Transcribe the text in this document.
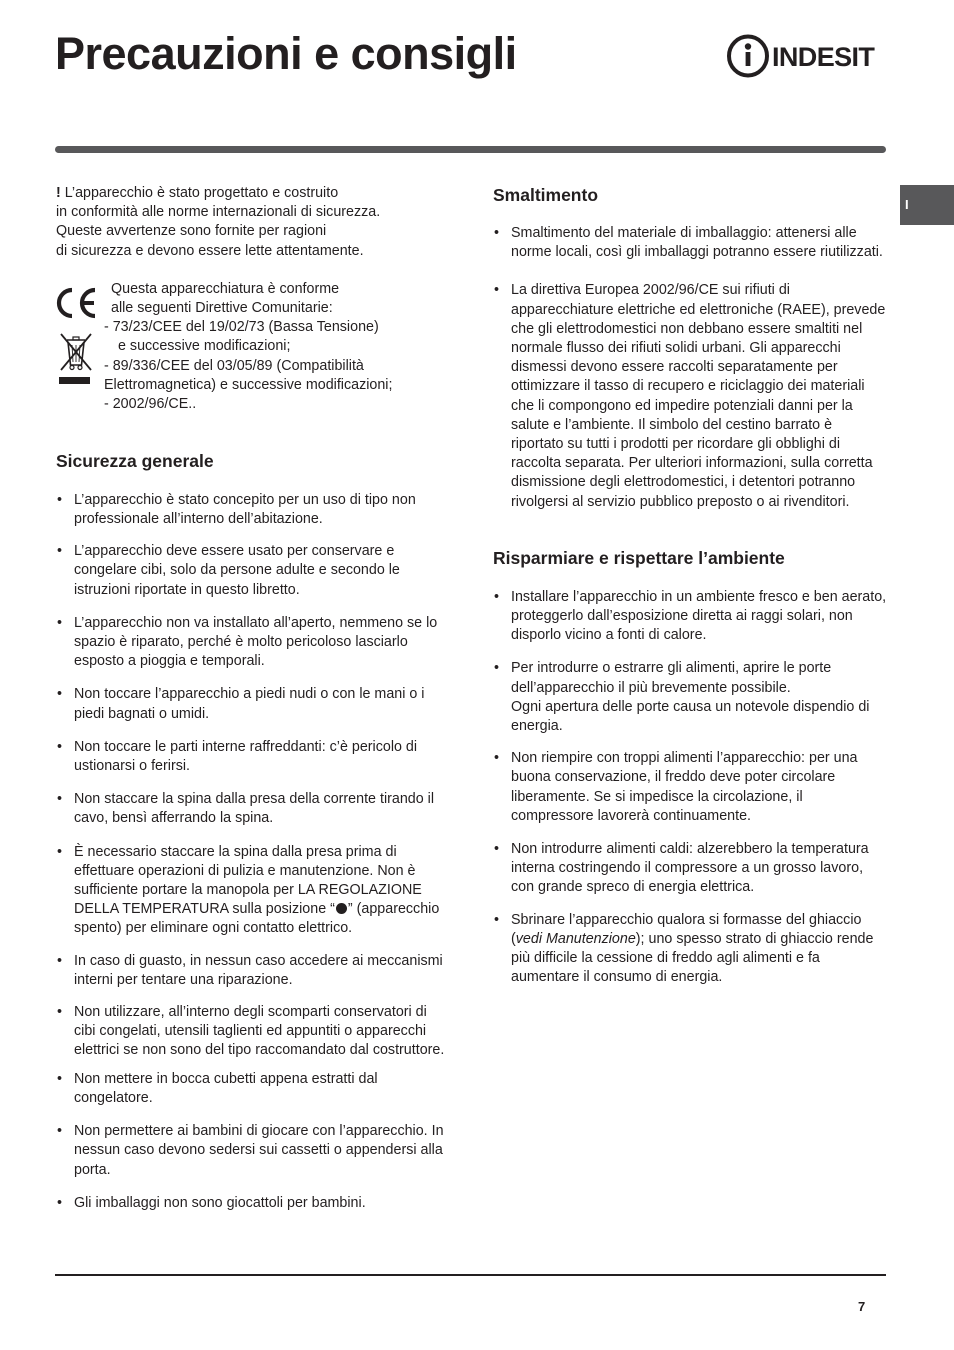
Precauzioni e consigli	INDESIT
I
! L’apparecchio è stato progettato e costruito
in conformità alle norme internazionali di sicurezza.
Queste avvertenze sono fornite per ragioni
di sicurezza e devono essere lette attentamente.
Questa apparecchiatura è conforme
alle seguenti Direttive Comunitarie:
- 73/23/CEE del 19/02/73 (Bassa Tensione)
e successive modificazioni;
- 89/336/CEE del 03/05/89 (Compatibilità
Elettromagnetica) e successive modificazioni;
- 2002/96/CE..
Sicurezza generale
• L’apparecchio è stato concepito per un uso di tipo non professionale all’interno dell’abitazione.
• L’apparecchio deve essere usato per conservare e congelare cibi, solo da persone adulte e secondo le istruzioni riportate in questo libretto.
• L’apparecchio non va installato all’aperto, nemmeno se lo spazio è riparato, perché è molto pericoloso lasciarlo esposto a pioggia e temporali.
• Non toccare l’apparecchio a piedi nudi o con le mani o i piedi bagnati o umidi.
• Non toccare le parti interne raffreddanti: c’è pericolo di ustionarsi o ferirsi.
• Non staccare la spina dalla presa della corrente tirando il cavo, bensì afferrando la spina.
• È necessario staccare la spina dalla presa prima di effettuare operazioni di pulizia e manutenzione. Non è sufficiente portare la manopola per LA REGOLAZIONE DELLA TEMPERATURA sulla posizione “ ” (apparecchio spento) per eliminare ogni contatto elettrico.
• In caso di guasto, in nessun caso accedere ai meccanismi interni per tentare una riparazione.
• Non utilizzare, all’interno degli scomparti conservatori di cibi congelati, utensili taglienti ed appuntiti o apparecchi elettrici se non sono del tipo raccomandato dal costruttore.
• Non mettere in bocca cubetti appena estratti dal congelatore.
• Non permettere ai bambini di giocare con l’apparecchio. In nessun caso devono sedersi sui cassetti o appendersi alla porta.
• Gli imballaggi non sono giocattoli per bambini.
Smaltimento
• Smaltimento del materiale di imballaggio: attenersi alle norme locali, così gli imballaggi potranno essere riutilizzati.
• La direttiva Europea 2002/96/CE sui rifiuti di apparecchiature elettriche ed elettroniche (RAEE), prevede che gli elettrodomestici non debbano essere smaltiti nel normale flusso dei rifiuti solidi urbani. Gli apparecchi dismessi devono essere raccolti separatamente per ottimizzare il tasso di recupero e riciclaggio dei materiali che li compongono ed impedire potenziali danni per la salute e l’ambiente. Il simbolo del cestino barrato è riportato su tutti i prodotti per ricordare gli obblighi di raccolta separata. Per ulteriori informazioni, sulla corretta dismissione degli elettrodomestici, i detentori potranno rivolgersi al servizio pubblico preposto o ai rivenditori.
Risparmiare e rispettare l’ambiente
• Installare l’apparecchio in un ambiente fresco e ben aerato, proteggerlo dall’esposizione diretta ai raggi solari, non disporlo vicino a fonti di calore.
• Per introdurre o estrarre gli alimenti, aprire le porte dell’apparecchio il più brevemente possibile.
Ogni apertura delle porte causa un notevole dispendio di energia.
• Non riempire con troppi alimenti l’apparecchio: per una buona conservazione, il freddo deve poter circolare liberamente. Se si impedisce la circolazione, il compressore lavorerà continuamente.
• Non introdurre alimenti caldi: alzerebbero la temperatura interna costringendo il compressore a un grosso lavoro, con grande spreco di energia elettrica.
• Sbrinare l’apparecchio qualora si formasse del ghiaccio (vedi Manutenzione); uno spesso strato di ghiaccio rende più difficile la cessione di freddo agli alimenti e fa aumentare il consumo di energia.
7
